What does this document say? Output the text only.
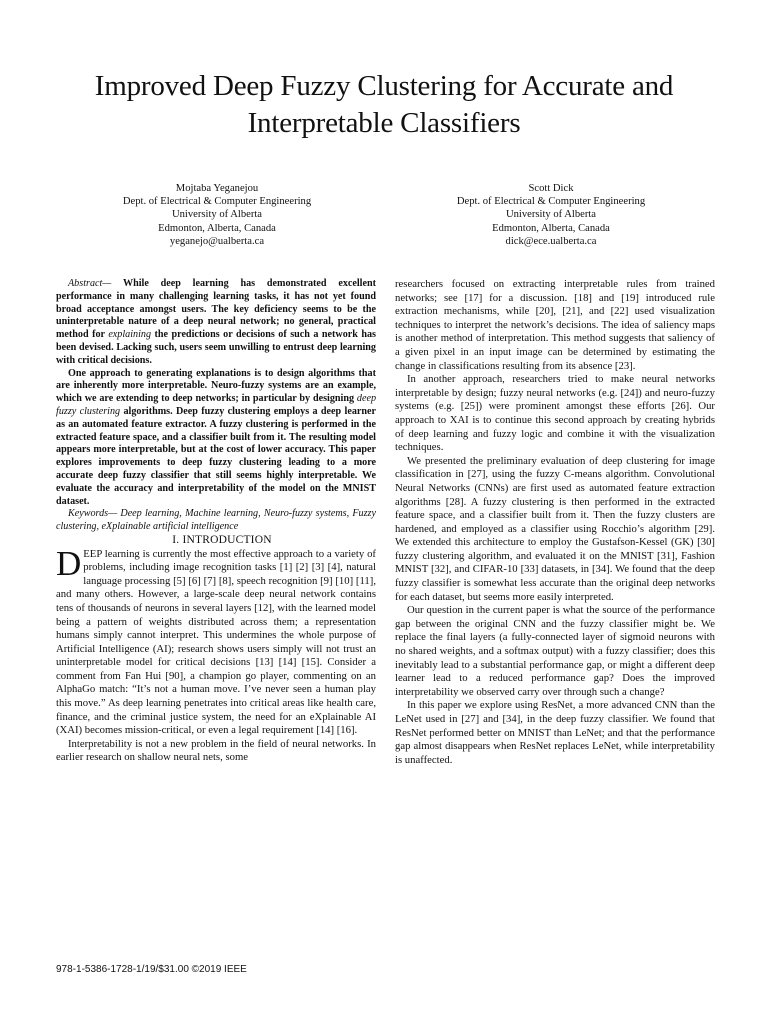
Improved Deep Fuzzy Clustering for Accurate and
Interpretable Classifiers
Mojtaba Yeganejou
Dept. of Electrical & Computer Engineering
University of Alberta
Edmonton, Alberta, Canada
yeganejo@ualberta.ca
Scott Dick
Dept. of Electrical & Computer Engineering
University of Alberta
Edmonton, Alberta, Canada
dick@ece.ualberta.ca

Abstract— While deep learning has demonstrated excellent performance in many challenging learning tasks, it has not yet found broad acceptance amongst users. The key deficiency seems to be the uninterpretable nature of a deep neural network; no general, practical method for explaining the predictions or decisions of such a network has been devised. Lacking such, users seem unwilling to entrust deep learning with critical decisions.

One approach to generating explanations is to design algorithms that are inherently more interpretable. Neuro-fuzzy systems are an example, which we are extending to deep networks; in particular by designing deep fuzzy clustering algorithms. Deep fuzzy clustering employs a deep learner as an automated feature extractor. A fuzzy clustering is performed in the extracted feature space, and a classifier built from it. The resulting model appears more interpretable, but at the cost of lower accuracy. This paper explores improvements to deep fuzzy clustering leading to a more accurate deep fuzzy classifier that still seems highly interpretable. We evaluate the accuracy and interpretability of the model on the MNIST dataset.

Keywords— Deep learning, Machine learning, Neuro-fuzzy systems, Fuzzy clustering, eXplainable artificial intelligence

I. INTRODUCTION

DEEP learning is currently the most effective approach to a variety of problems, including image recognition tasks [1] [2] [3] [4], natural language processing [5] [6] [7] [8], speech recognition [9] [10] [11], and many others. However, a large-scale deep neural network contains tens of thousands of neurons in several layers [12], with the learned model being a pattern of weights distributed across them; a representation humans simply cannot interpret. This undermines the whole purpose of Artificial Intelligence (AI); research shows users simply will not trust an uninterpretable model for critical decisions [13] [14] [15]. Consider a comment from Fan Hui [90], a champion go player, commenting on an AlphaGo match: “It’s not a human move. I’ve never seen a human play this move.” As deep learning penetrates into critical areas like health care, finance, and the criminal justice system, the need for an eXplainable AI (XAI) becomes mission-critical, or even a legal requirement [14] [16].

Interpretability is not a new problem in the field of neural networks. In earlier research on shallow neural nets, some

researchers focused on extracting interpretable rules from trained networks; see [17] for a discussion. [18] and [19] introduced rule extraction mechanisms, while [20], [21], and [22] used visualization techniques to interpret the network’s decisions. The idea of saliency maps is another method of interpretation. This method suggests that saliency of a given pixel in an input image can be determined by estimating the change in classifications resulting from its absence [23].

In another approach, researchers tried to make neural networks interpretable by design; fuzzy neural networks (e.g. [24]) and neuro-fuzzy systems (e.g. [25]) were prominent amongst these efforts [26]. Our approach to XAI is to continue this second approach by creating hybrids of deep learning and fuzzy logic and combine it with the visualization techniques.

We presented the preliminary evaluation of deep clustering for image classification in [27], using the fuzzy C-means algorithm. Convolutional Neural Networks (CNNs) are first used as automated feature extraction algorithms [28]. A fuzzy clustering is then performed in the extracted feature space, and a classifier built from it. Then the fuzzy clusters are hardened, and employed as a classifier using Rocchio’s algorithm [29]. We extended this architecture to employ the Gustafson-Kessel (GK) [30] fuzzy clustering algorithm, and evaluated it on the MNIST [31], Fashion MNIST [32], and CIFAR-10 [33] datasets, in [34]. We found that the deep fuzzy classifier is somewhat less accurate than the original deep networks for each dataset, but seems more easily interpreted.

Our question in the current paper is what the source of the performance gap between the original CNN and the fuzzy classifier might be. We replace the final layers (a fully-connected layer of sigmoid neurons with no shared weights, and a softmax output) with a fuzzy classifier; does this inevitably lead to a substantial performance gap, or might a different deep learner lead to a reduced performance gap? Does the improved interpretability we observed carry over through such a change?

In this paper we explore using ResNet, a more advanced CNN than the LeNet used in [27] and [34], in the deep fuzzy classifier. We found that ResNet performed better on MNIST than LeNet; and that the performance gap almost disappears when ResNet replaces LeNet, while interpretability is unaffected.

978-1-5386-1728-1/19/$31.00 ©2019 IEEE
